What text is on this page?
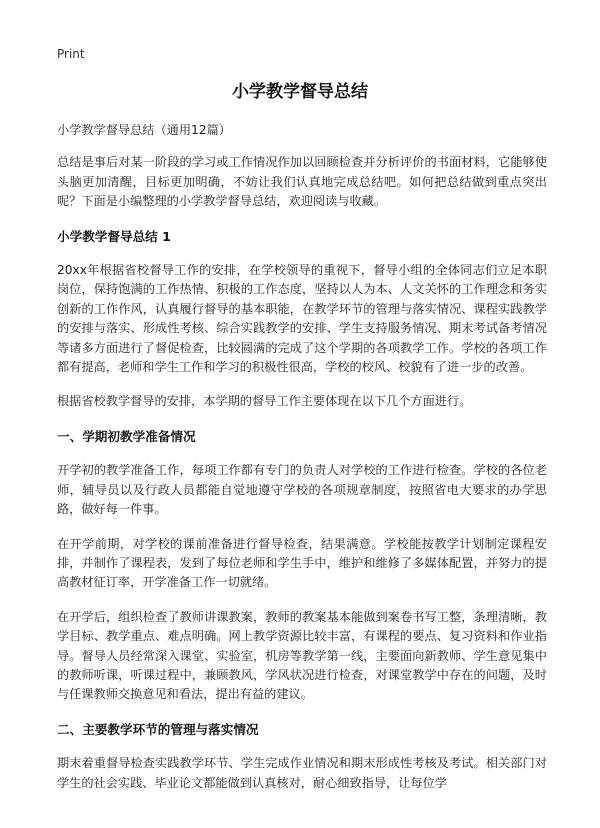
Print
小学教学督导总结

小学教学督导总结（通用12篇）

总结是事后对某一阶段的学习或工作情况作加以回顾检查并分析评价的书面材料，它能够使头脑更加清醒，目标更加明确，不妨让我们认真地完成总结吧。如何把总结做到重点突出呢？下面是小编整理的小学教学督导总结，欢迎阅读与收藏。

小学教学督导总结 1

20xx年根据省校督导工作的安排，在学校领导的重视下，督导小组的全体同志们立足本职岗位，保持饱满的工作热情、积极的工作态度，坚持以人为本、人文关怀的工作理念和务实创新的工作作风，认真履行督导的基本职能，在教学环节的管理与落实情况、课程实践教学的安排与落实、形成性考核、综合实践教学的安排、学生支持服务情况、期末考试备考情况等诸多方面进行了督促检查，比较圆满的完成了这个学期的各项教学工作。学校的各项工作都有提高，老师和学生工作和学习的积极性很高，学校的校风、校貌有了进一步的改善。

根据省校教学督导的安排，本学期的督导工作主要体现在以下几个方面进行。

一、学期初教学准备情况

开学初的教学准备工作，每项工作都有专门的负责人对学校的工作进行检查。学校的各位老师，辅导员以及行政人员都能自觉地遵守学校的各项规章制度，按照省电大要求的办学思路，做好每一件事。

在开学前期，对学校的课前准备进行督导检查，结果满意。学校能按教学计划制定课程安排，并制作了课程表，发到了每位老师和学生手中，维护和维修了多媒体配置，并努力的提高教材征订率，开学准备工作一切就绪。

在开学后，组织检查了教师讲课教案，教师的教案基本能做到案卷书写工整，条理清晰，教学目标、教学重点、难点明确。网上教学资源比较丰富，有课程的要点、复习资料和作业指导。督导人员经常深入课堂、实验室，机房等教学第一线，主要面向新教师、学生意见集中的教师听课，听课过程中，兼顾教风，学风状况进行检查，对课堂教学中存在的问题，及时与任课教师交换意见和看法，提出有益的建议。

二、主要教学环节的管理与落实情况

期末着重督导检查实践教学环节、学生完成作业情况和期末形成性考核及考试。相关部门对学生的社会实践、毕业论文都能做到认真核对，耐心细致指导，让每位学
